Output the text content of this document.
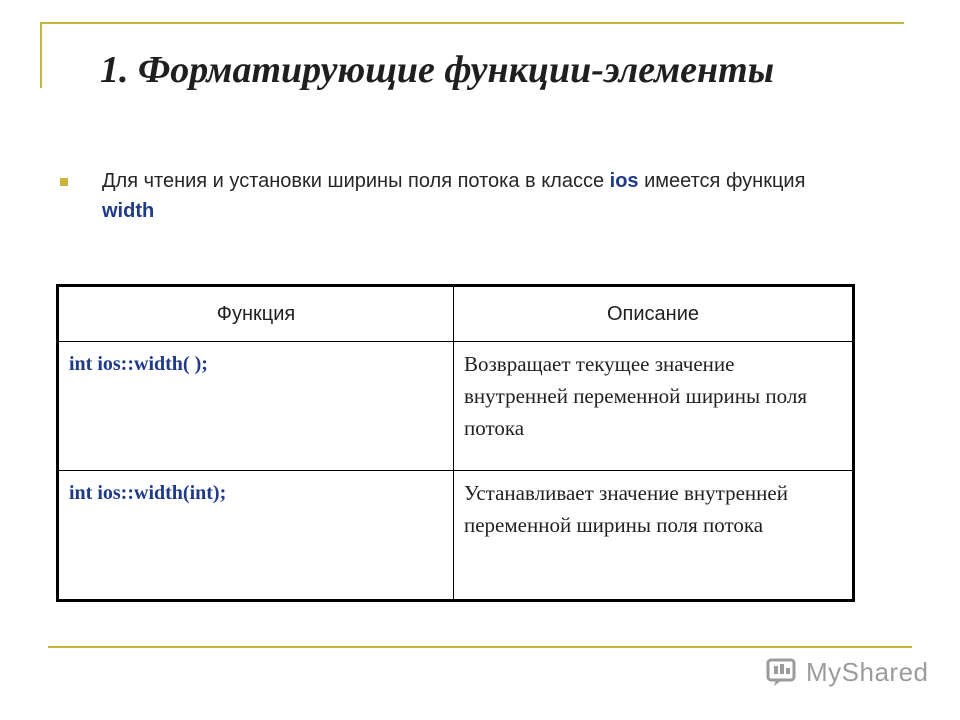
1. Форматирующие функции-элементы
Для чтения и установки ширины поля потока в классе ios имеется функция width
Функция	Описание
int ios::width( );	Возвращает текущее значение внутренней переменной ширины поля потока
int ios::width(int);	Устанавливает значение внутренней переменной ширины поля потока
MyShared
